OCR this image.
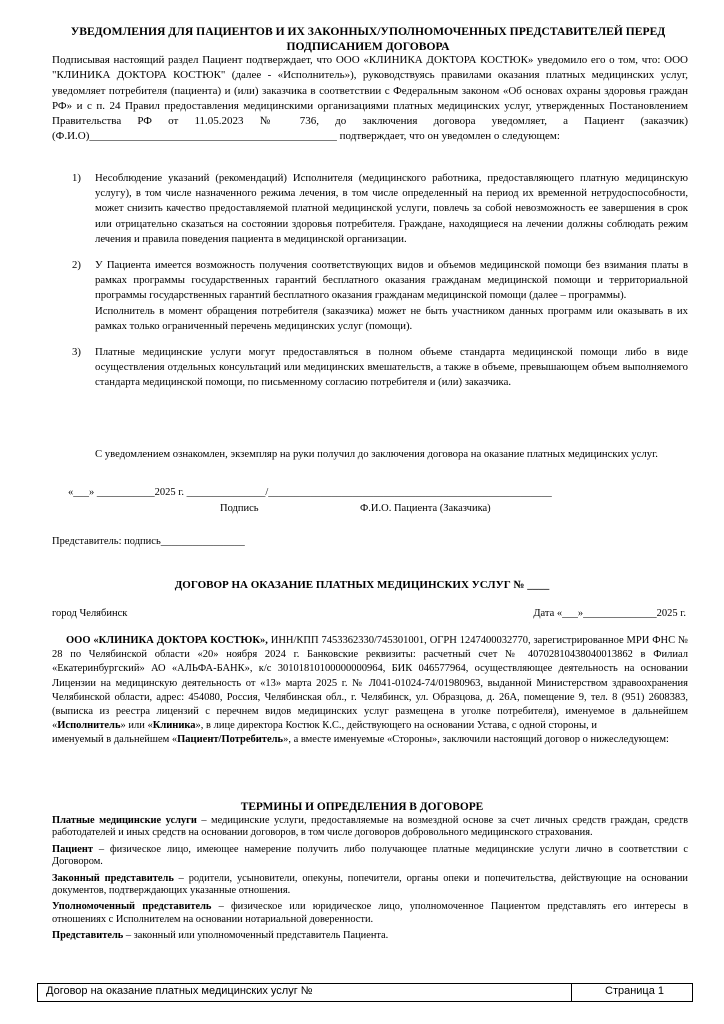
УВЕДОМЛЕНИЯ ДЛЯ ПАЦИЕНТОВ И ИХ ЗАКОННЫХ/УПОЛНОМОЧЕННЫХ ПРЕДСТАВИТЕЛЕЙ ПЕРЕД ПОДПИСАНИЕМ ДОГОВОРА
Подписывая настоящий раздел Пациент подтверждает, что ООО «КЛИНИКА ДОКТОРА КОСТЮК» уведомило его о том, что: ООО "КЛИНИКА ДОКТОРА КОСТЮК" (далее - «Исполнитель»), руководствуясь правилами оказания платных медицинских услуг, уведомляет потребителя (пациента) и (или) заказчика в соответствии с Федеральным законом «Об основах охраны здоровья граждан РФ» и с п. 24 Правил предоставления медицинскими организациями платных медицинских услуг, утвержденных Постановлением Правительства РФ от 11.05.2023 № 736, до заключения договора уведомляет, а Пациент (заказчик) (Ф.И.О)_____________________________________________ подтверждает, что он уведомлен о следующем:
1) Несоблюдение указаний (рекомендаций) Исполнителя (медицинского работника, предоставляющего платную медицинскую услугу), в том числе назначенного режима лечения, в том числе определенный на период их временной нетрудоспособности, может снизить качество предоставляемой платной медицинской услуги, повлечь за собой невозможность ее завершения в срок или отрицательно сказаться на состоянии здоровья потребителя. Граждане, находящиеся на лечении должны соблюдать режим лечения и правила поведения пациента в медицинской организации.

2) У Пациента имеется возможность получения соответствующих видов и объемов медицинской помощи без взимания платы в рамках программы государственных гарантий бесплатного оказания гражданам медицинской помощи и территориальной программы государственных гарантий бесплатного оказания гражданам медицинской помощи (далее – программы).

Исполнитель в момент обращения потребителя (заказчика) может не быть участником данных программ или оказывать в их рамках только ограниченный перечень медицинских услуг (помощи).

3) Платные медицинские услуги могут предоставляться в полном объеме стандарта медицинской помощи либо в виде осуществления отдельных консультаций или медицинских вмешательств, а также в объеме, превышающем объем выполняемого стандарта медицинской помощи, по письменному согласию потребителя и (или) заказчика.

С уведомлением ознакомлен, экземпляр на руки получил до заключения договора на оказание платных медицинских услуг.
«___» ___________2025 г. _______________/______________________________________________________
Подпись	Ф.И.О. Пациента (Заказчика)
Представитель: подпись________________
ДОГОВОР НА ОКАЗАНИЕ ПЛАТНЫХ МЕДИЦИНСКИХ УСЛУГ № ____
город Челябинск	Дата «___»______________2025 г.

ООО «КЛИНИКА ДОКТОРА КОСТЮК», ИНН/КПП 7453362330/745301001, ОГРН 1247400032770, зарегистрированное МРИ ФНС № 28 по Челябинской области «20» ноября 2024 г. Банковские реквизиты: расчетный счет № 40702810438040013862 в Филиал «Екатеринбургский» АО «АЛЬФА-БАНК», к/с 30101810100000000964, БИК 046577964, осуществляющее деятельность на основании Лицензии на медицинскую деятельность от «13» марта 2025 г. № Л041-01024-74/01980963, выданной Министерством здравоохранения Челябинской области, адрес: 454080, Россия, Челябинская обл., г. Челябинск, ул. Образцова, д. 26А, помещение 9, тел. 8 (951) 2608383, (выписка из реестра лицензий с перечнем видов медицинских услуг размещена в уголке потребителя), именуемое в дальнейшем «Исполнитель» или «Клиника», в лице директора Костюк К.С., действующего на основании Устава, с одной стороны, и

именуемый в дальнейшем «Пациент/Потребитель», а вместе именуемые «Стороны», заключили настоящий договор о нижеследующем:

ТЕРМИНЫ И ОПРЕДЕЛЕНИЯ В ДОГОВОРЕ

Платные медицинские услуги – медицинские услуги, предоставляемые на возмездной основе за счет личных средств граждан, средств работодателей и иных средств на основании договоров, в том числе договоров добровольного медицинского страхования.

Пациент – физическое лицо, имеющее намерение получить либо получающее платные медицинские услуги лично в соответствии с Договором.

Законный представитель – родители, усыновители, опекуны, попечители, органы опеки и попечительства, действующие на основании документов, подтверждающих указанные отношения.

Уполномоченный представитель – физическое или юридическое лицо, уполномоченное Пациентом представлять его интересы в отношениях с Исполнителем на основании нотариальной доверенности.

Представитель – законный или уполномоченный представитель Пациента.

Договор на оказание платных медицинских услуг №	Страница 1
